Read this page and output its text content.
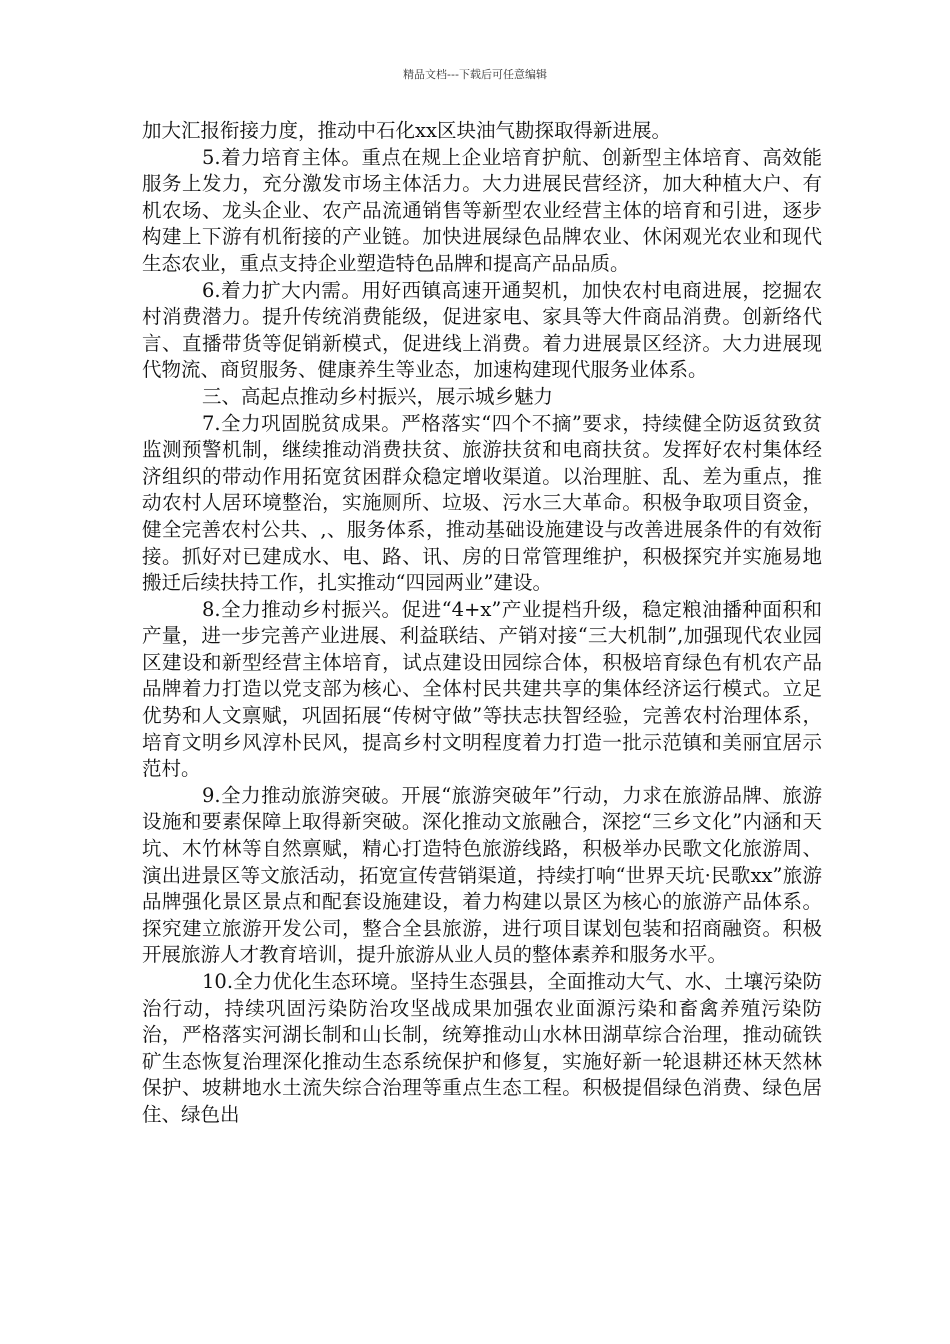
精品文档---下载后可任意编辑

加大汇报衔接力度，推动中石化xx区块油气勘探取得新进展。

5.着力培育主体。重点在规上企业培育护航、创新型主体培育、高效能服务上发力，充分激发市场主体活力。大力进展民营经济，加大种植大户、有机农场、龙头企业、农产品流通销售等新型农业经营主体的培育和引进，逐步构建上下游有机衔接的产业链。加快进展绿色品牌农业、休闲观光农业和现代生态农业，重点支持企业塑造特色品牌和提高产品品质。

6.着力扩大内需。用好西镇高速开通契机，加快农村电商进展，挖掘农村消费潜力。提升传统消费能级，促进家电、家具等大件商品消费。创新络代言、直播带货等促销新模式，促进线上消费。着力进展景区经济。大力进展现代物流、商贸服务、健康养生等业态，加速构建现代服务业体系。

三、高起点推动乡村振兴，展示城乡魅力

7.全力巩固脱贫成果。严格落实“四个不摘”要求，持续健全防返贫致贫监测预警机制，继续推动消费扶贫、旅游扶贫和电商扶贫。发挥好农村集体经济组织的带动作用拓宽贫困群众稳定增收渠道。以治理脏、乱、差为重点，推动农村人居环境整治，实施厕所、垃圾、污水三大革命。积极争取项目资金，健全完善农村公共、,、服务体系，推动基础设施建设与改善进展条件的有效衔接。抓好对已建成水、电、路、讯、房的日常管理维护，积极探究并实施易地搬迁后续扶持工作，扎实推动“四园两业”建设。

8.全力推动乡村振兴。促进“4+x”产业提档升级，稳定粮油播种面积和产量，进一步完善产业进展、利益联结、产销对接“三大机制”,加强现代农业园区建设和新型经营主体培育，试点建设田园综合体，积极培育绿色有机农产品品牌着力打造以党支部为核心、全体村民共建共享的集体经济运行模式。立足优势和人文禀赋，巩固拓展“传树守做”等扶志扶智经验，完善农村治理体系，培育文明乡风淳朴民风，提高乡村文明程度着力打造一批示范镇和美丽宜居示范村。

9.全力推动旅游突破。开展“旅游突破年”行动，力求在旅游品牌、旅游设施和要素保障上取得新突破。深化推动文旅融合，深挖“三乡文化”内涵和天坑、木竹林等自然禀赋，精心打造特色旅游线路，积极举办民歌文化旅游周、演出进景区等文旅活动，拓宽宣传营销渠道，持续打响“世界天坑·民歌xx”旅游品牌强化景区景点和配套设施建设，着力构建以景区为核心的旅游产品体系。探究建立旅游开发公司，整合全县旅游，进行项目谋划包装和招商融资。积极开展旅游人才教育培训，提升旅游从业人员的整体素养和服务水平。

10.全力优化生态环境。坚持生态强县，全面推动大气、水、土壤污染防治行动，持续巩固污染防治攻坚战成果加强农业面源污染和畜禽养殖污染防治，严格落实河湖长制和山长制，统筹推动山水林田湖草综合治理，推动硫铁矿生态恢复治理深化推动生态系统保护和修复，实施好新一轮退耕还林天然林保护、坡耕地水土流失综合治理等重点生态工程。积极提倡绿色消费、绿色居住、绿色出
